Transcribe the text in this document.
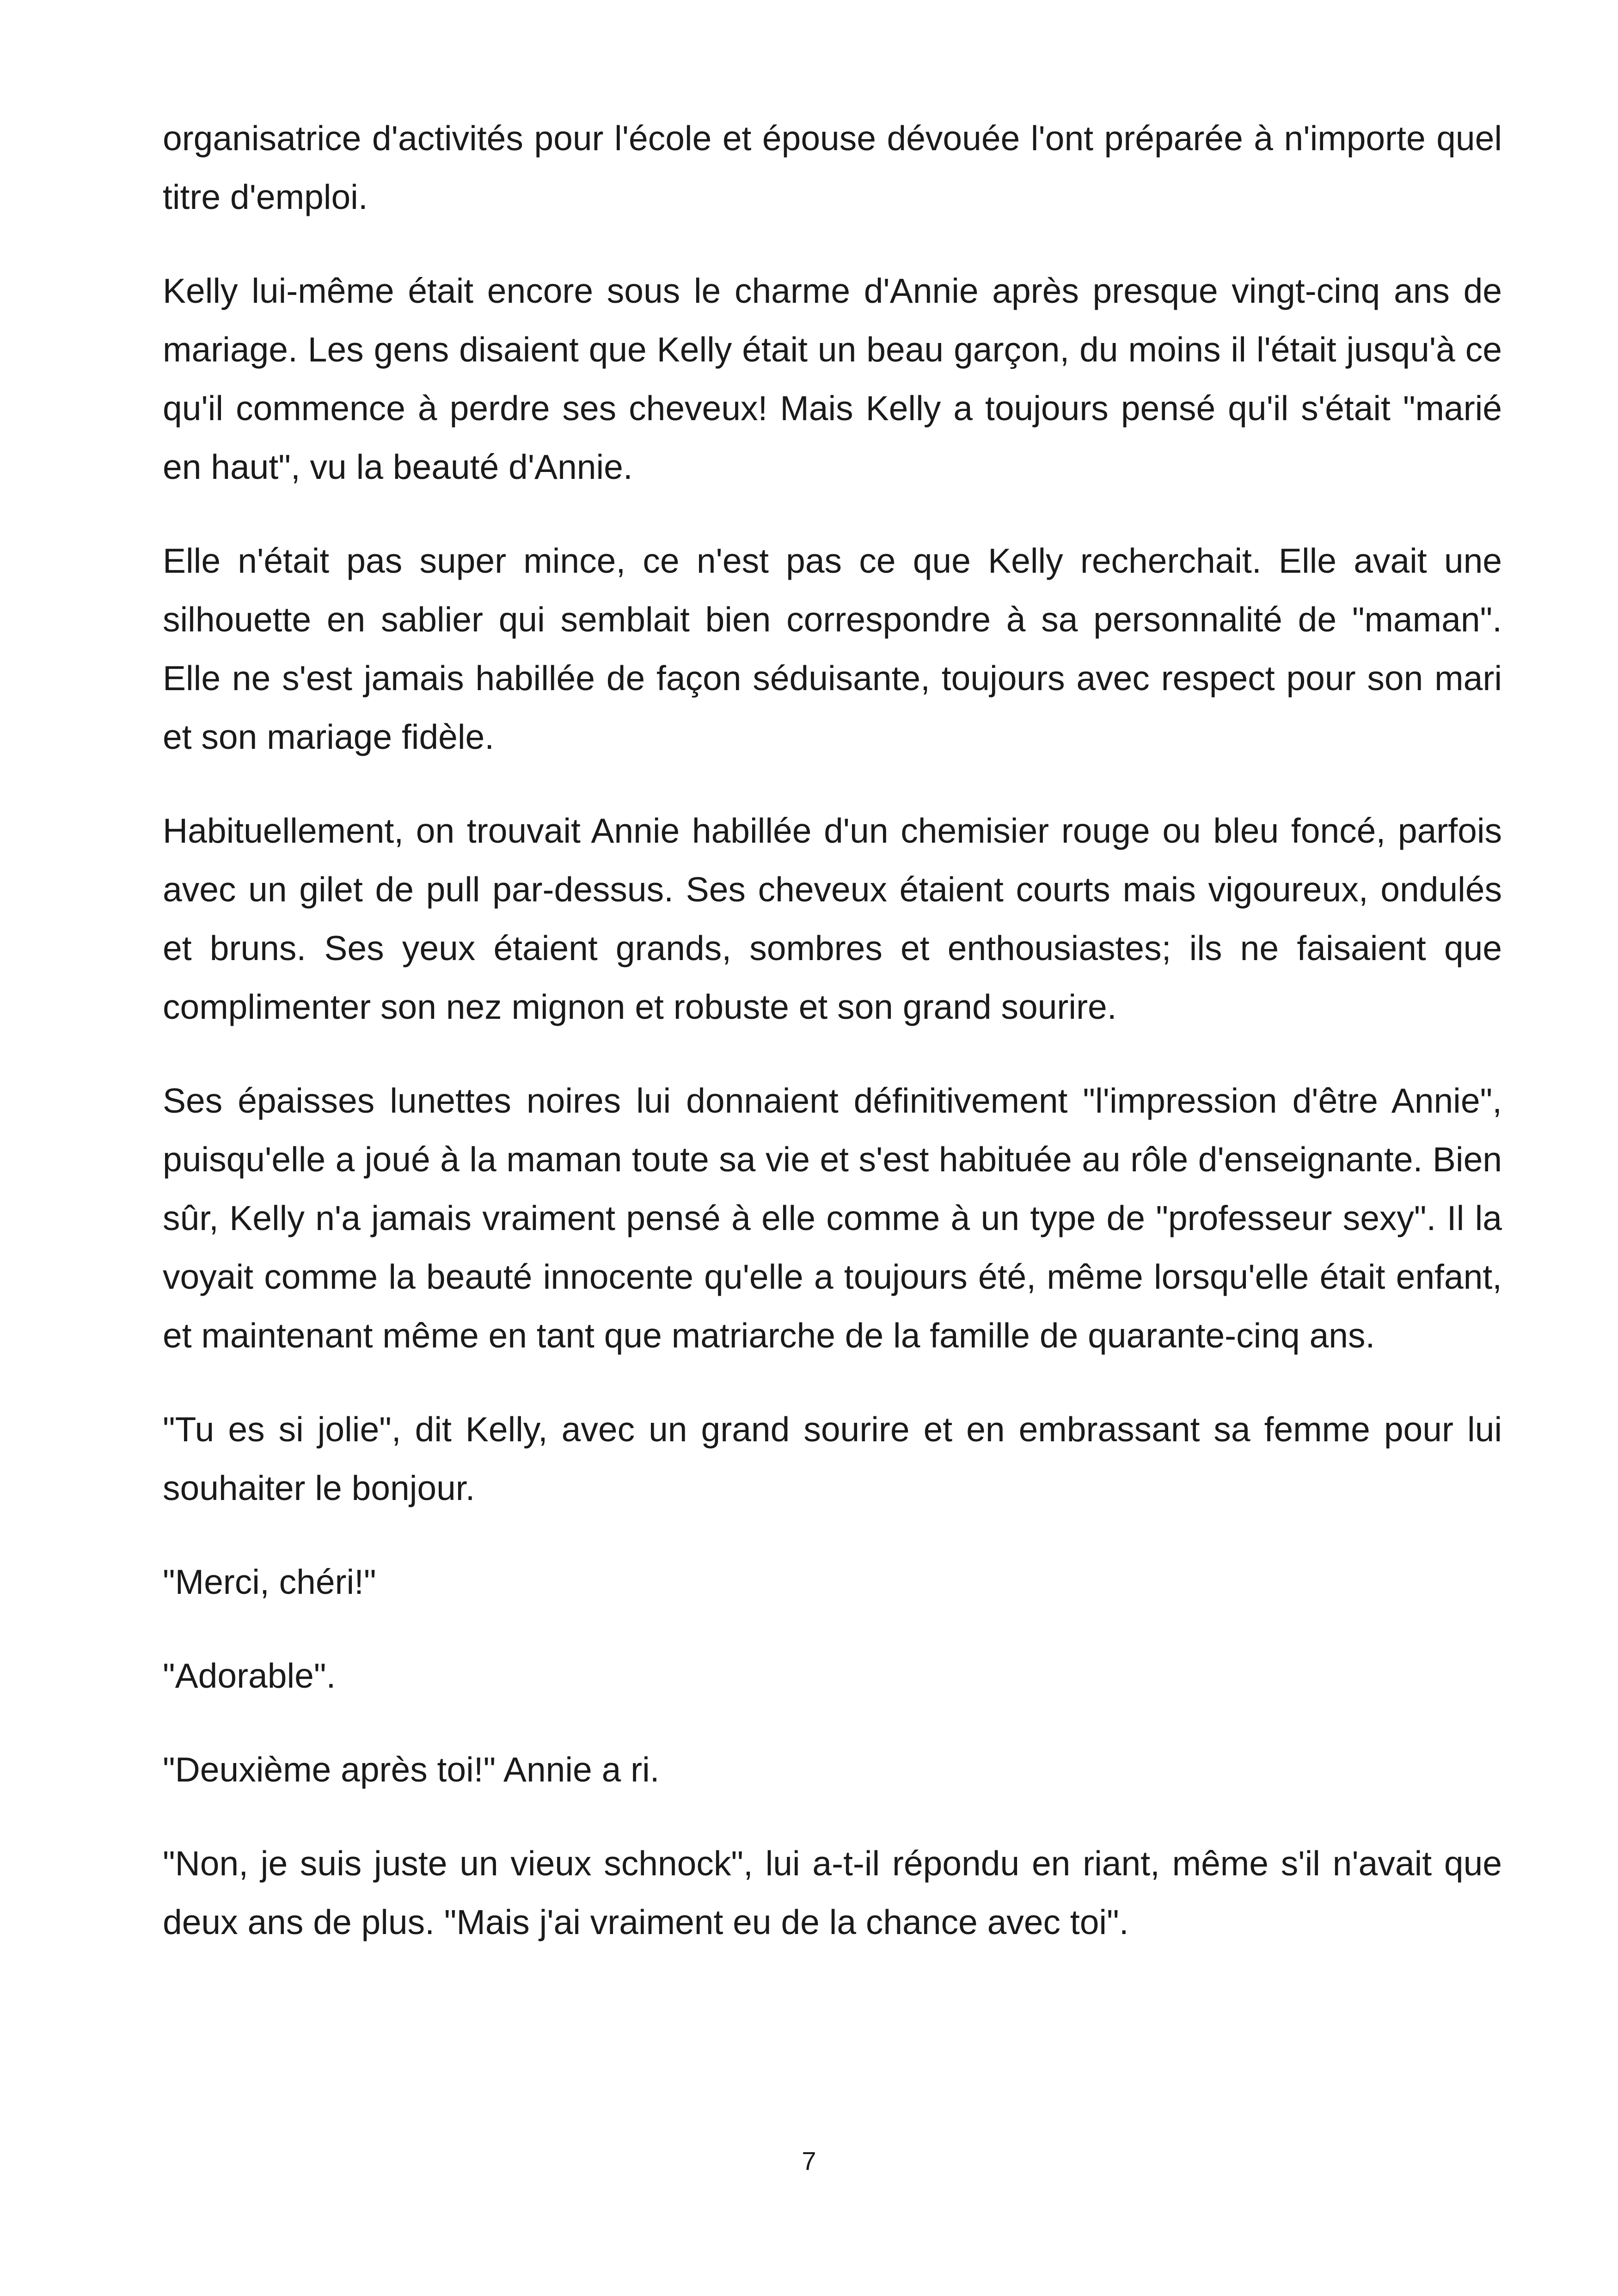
organisatrice d'activités pour l'école et épouse dévouée l'ont préparée à n'importe quel titre d'emploi.

Kelly lui-même était encore sous le charme d'Annie après presque vingt-cinq ans de mariage. Les gens disaient que Kelly était un beau garçon, du moins il l'était jusqu'à ce qu'il commence à perdre ses cheveux! Mais Kelly a toujours pensé qu'il s'était "marié en haut", vu la beauté d'Annie.

Elle n'était pas super mince, ce n'est pas ce que Kelly recherchait. Elle avait une silhouette en sablier qui semblait bien correspondre à sa personnalité de "maman". Elle ne s'est jamais habillée de façon séduisante, toujours avec respect pour son mari et son mariage fidèle.

Habituellement, on trouvait Annie habillée d'un chemisier rouge ou bleu foncé, parfois avec un gilet de pull par-dessus. Ses cheveux étaient courts mais vigoureux, ondulés et bruns. Ses yeux étaient grands, sombres et enthousiastes; ils ne faisaient que complimenter son nez mignon et robuste et son grand sourire.

Ses épaisses lunettes noires lui donnaient définitivement "l'impression d'être Annie", puisqu'elle a joué à la maman toute sa vie et s'est habituée au rôle d'enseignante. Bien sûr, Kelly n'a jamais vraiment pensé à elle comme à un type de "professeur sexy". Il la voyait comme la beauté innocente qu'elle a toujours été, même lorsqu'elle était enfant, et maintenant même en tant que matriarche de la famille de quarante-cinq ans.

"Tu es si jolie", dit Kelly, avec un grand sourire et en embrassant sa femme pour lui souhaiter le bonjour.

"Merci, chéri!"

"Adorable".

"Deuxième après toi!" Annie a ri.

"Non, je suis juste un vieux schnock", lui a-t-il répondu en riant, même s'il n'avait que deux ans de plus. "Mais j'ai vraiment eu de la chance avec toi".

7
